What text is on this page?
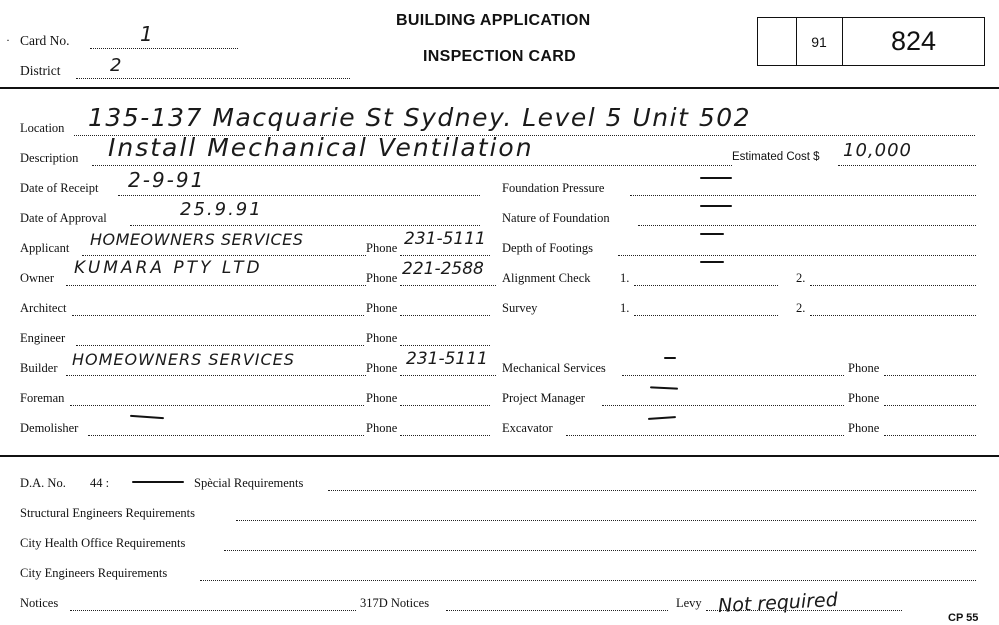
· Card No.	1
District	2
BUILDING APPLICATION
INSPECTION CARD
91 824
Location 135-137 Macquarie St Sydney. Level 5 Unit 502
Description Install Mechanical Ventilation	Estimated Cost $ 10,000
Date of Receipt 2-9-91
Date of Approval	25.9.91
Applicant HOMEOWNERS SERVICES	Phone 231-5111
Owner KUMARA PTY LTD	Phone 221-2588
Architect	Phone
Engineer	Phone
Builder HOMEOWNERS SERVICES	Phone 231-5111
Foreman	Phone
Demolisher	Phone
Foundation Pressure
Nature of Foundation
Depth of Footings
Alignment Check 1.	2.
Survey	1.	2.
Mechanical Services	Phone
Project Manager	Phone
Excavator	Phone
D.A. No. 44 :	Spècial Requirements
Structural Engineers Requirements
City Health Office Requirements
City Engineers Requirements
Notices	317D Notices	Levy Not required
CP 55
